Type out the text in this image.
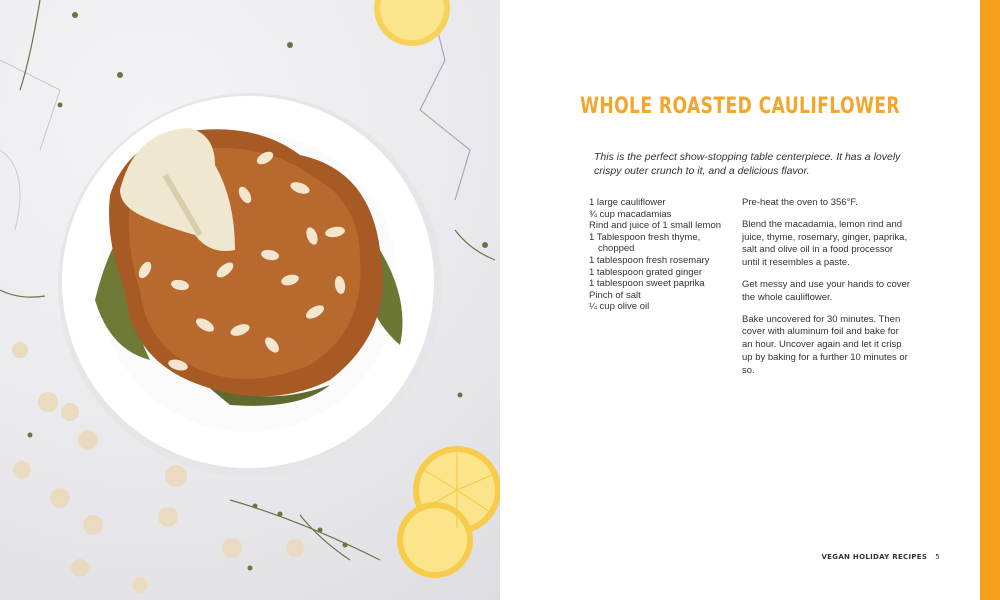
WHOLE ROASTED CAULIFLOWER

This is the perfect show-stopping table centerpiece. It has a lovely crispy outer crunch to it, and a delicious flavor.

1 large cauliflower
¾ cup macadamias
Rind and juice of 1 small lemon
1 Tablespoon fresh thyme, chopped
1 tablespoon fresh rosemary
1 tablespoon grated ginger
1 tablespoon sweet paprika
Pinch of salt
¼ cup olive oil

Pre-heat the oven to 356°F.

Blend the macadamia, lemon rind and juice, thyme, rosemary, ginger, paprika, salt and olive oil in a food processor until it resembles a paste.

Get messy and use your hands to cover the whole cauliflower.

Bake uncovered for 30 minutes. Then cover with aluminum foil and bake for an hour. Uncover again and let it crisp up by baking for a further 10 minutes or so.

VEGAN HOLIDAY RECIPES 5
